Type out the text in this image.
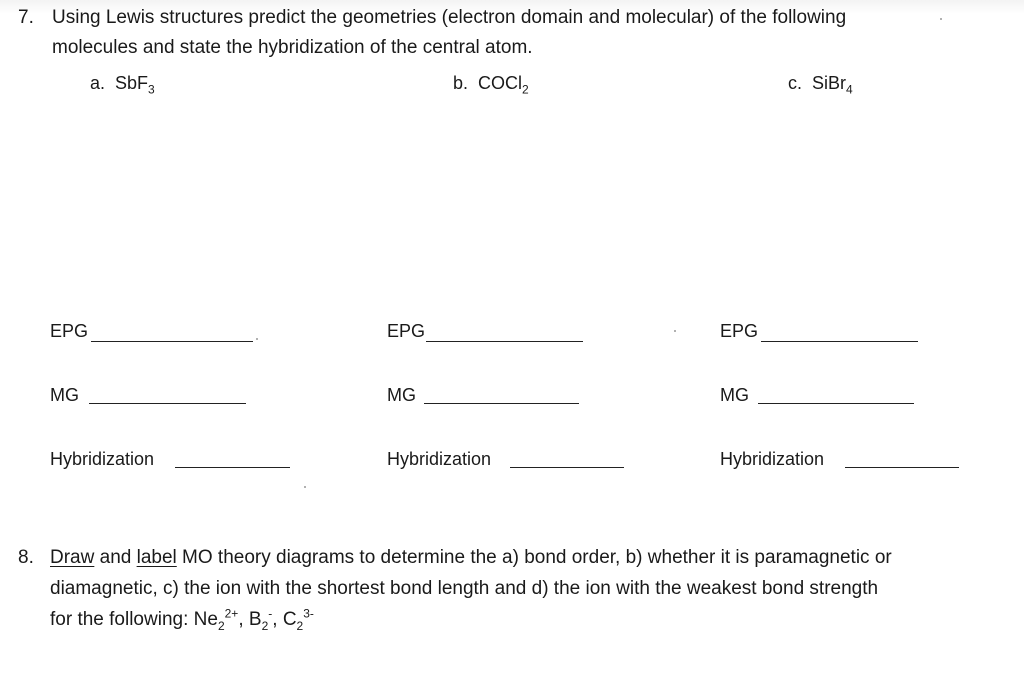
7. Using Lewis structures predict the geometries (electron domain and molecular) of the following
molecules and state the hybridization of the central atom.
a. SbF$_3$	b. COCl$_2$	c. SiBr$_4$
EPG
MG
Hybridization
EPG
MG
Hybridization
EPG
MG
Hybridization
8. Draw and label MO theory diagrams to determine the a) bond order, b) whether it is paramagnetic or
diamagnetic, c) the ion with the shortest bond length and d) the ion with the weakest bond strength
for the following: $Ne_2^{2+}$, $B_2^-$, $C_2^{3-}$
